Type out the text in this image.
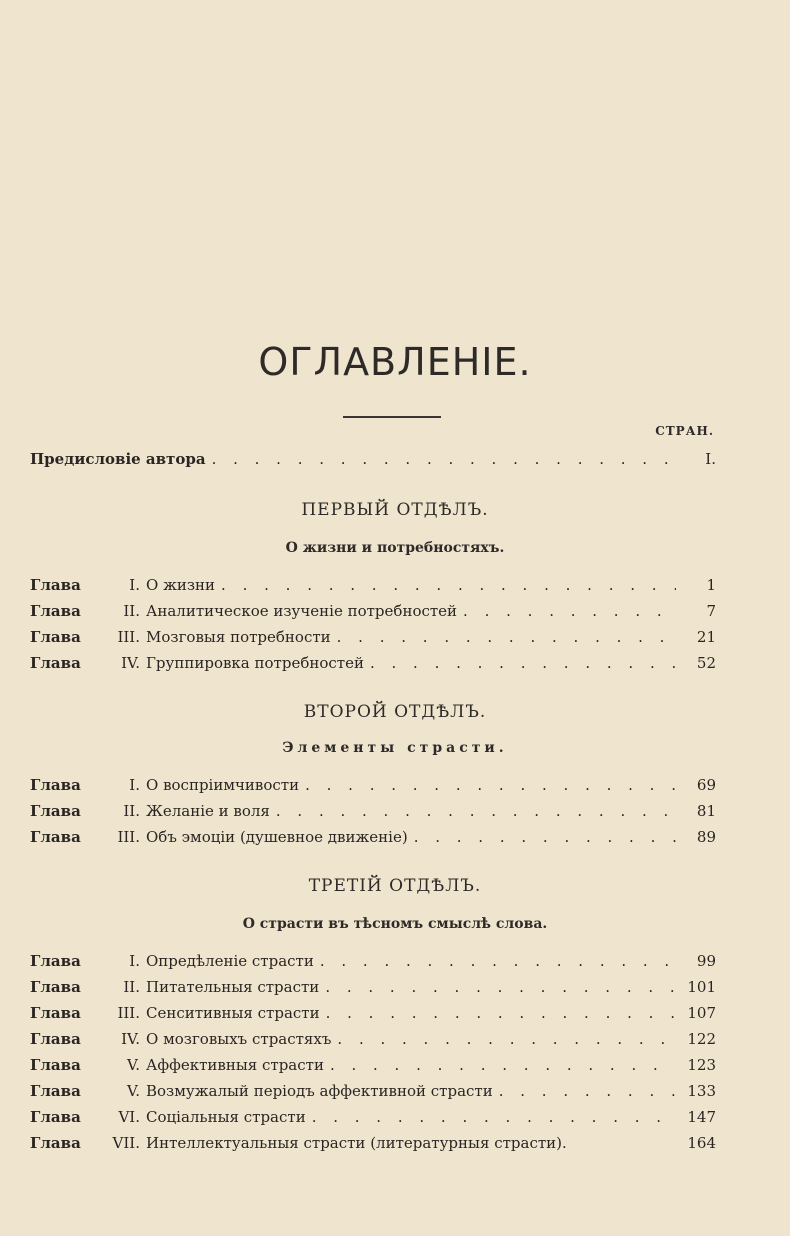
ОГЛАВЛЕНІЕ.
СТРАН.
Предисловіе автора . . .	I.
ПЕРВЫЙ ОТДѢЛЪ.
О жизни и потребностяхъ.
Глава	I. О жизни . . .	1
Глава	II. Аналитическое изученіе потребностей . . .	7
Глава	III. Мозговыя потребности . . .	21
Глава	IV. Группировка потребностей . . .	52
ВТОРОЙ ОТДѢЛЪ.
Элементы страсти.
Глава	I. О воспріимчивости . . .	69
Глава	II. Желаніе и воля . . .	81
Глава	III. Объ эмоціи (душевное движеніе) . . .	89
ТРЕТІЙ ОТДѢЛЪ.
О страсти въ тѣсномъ смыслѣ слова.
Глава	I. Опредѣленіе страсти . . .	99
Глава	II. Питательныя страсти . . .	101
Глава	III. Сенситивныя страсти . . .	107
Глава	IV. О мозговыхъ страстяхъ . . .	122
Глава	V. Аффективныя страсти . . .	123
Глава	V. Возмужалый періодъ аффективной страсти . . .	133
Глава	VI. Соціальныя страсти . . .	147
Глава	VII. Интеллектуальныя страсти (литературныя страсти).	164
